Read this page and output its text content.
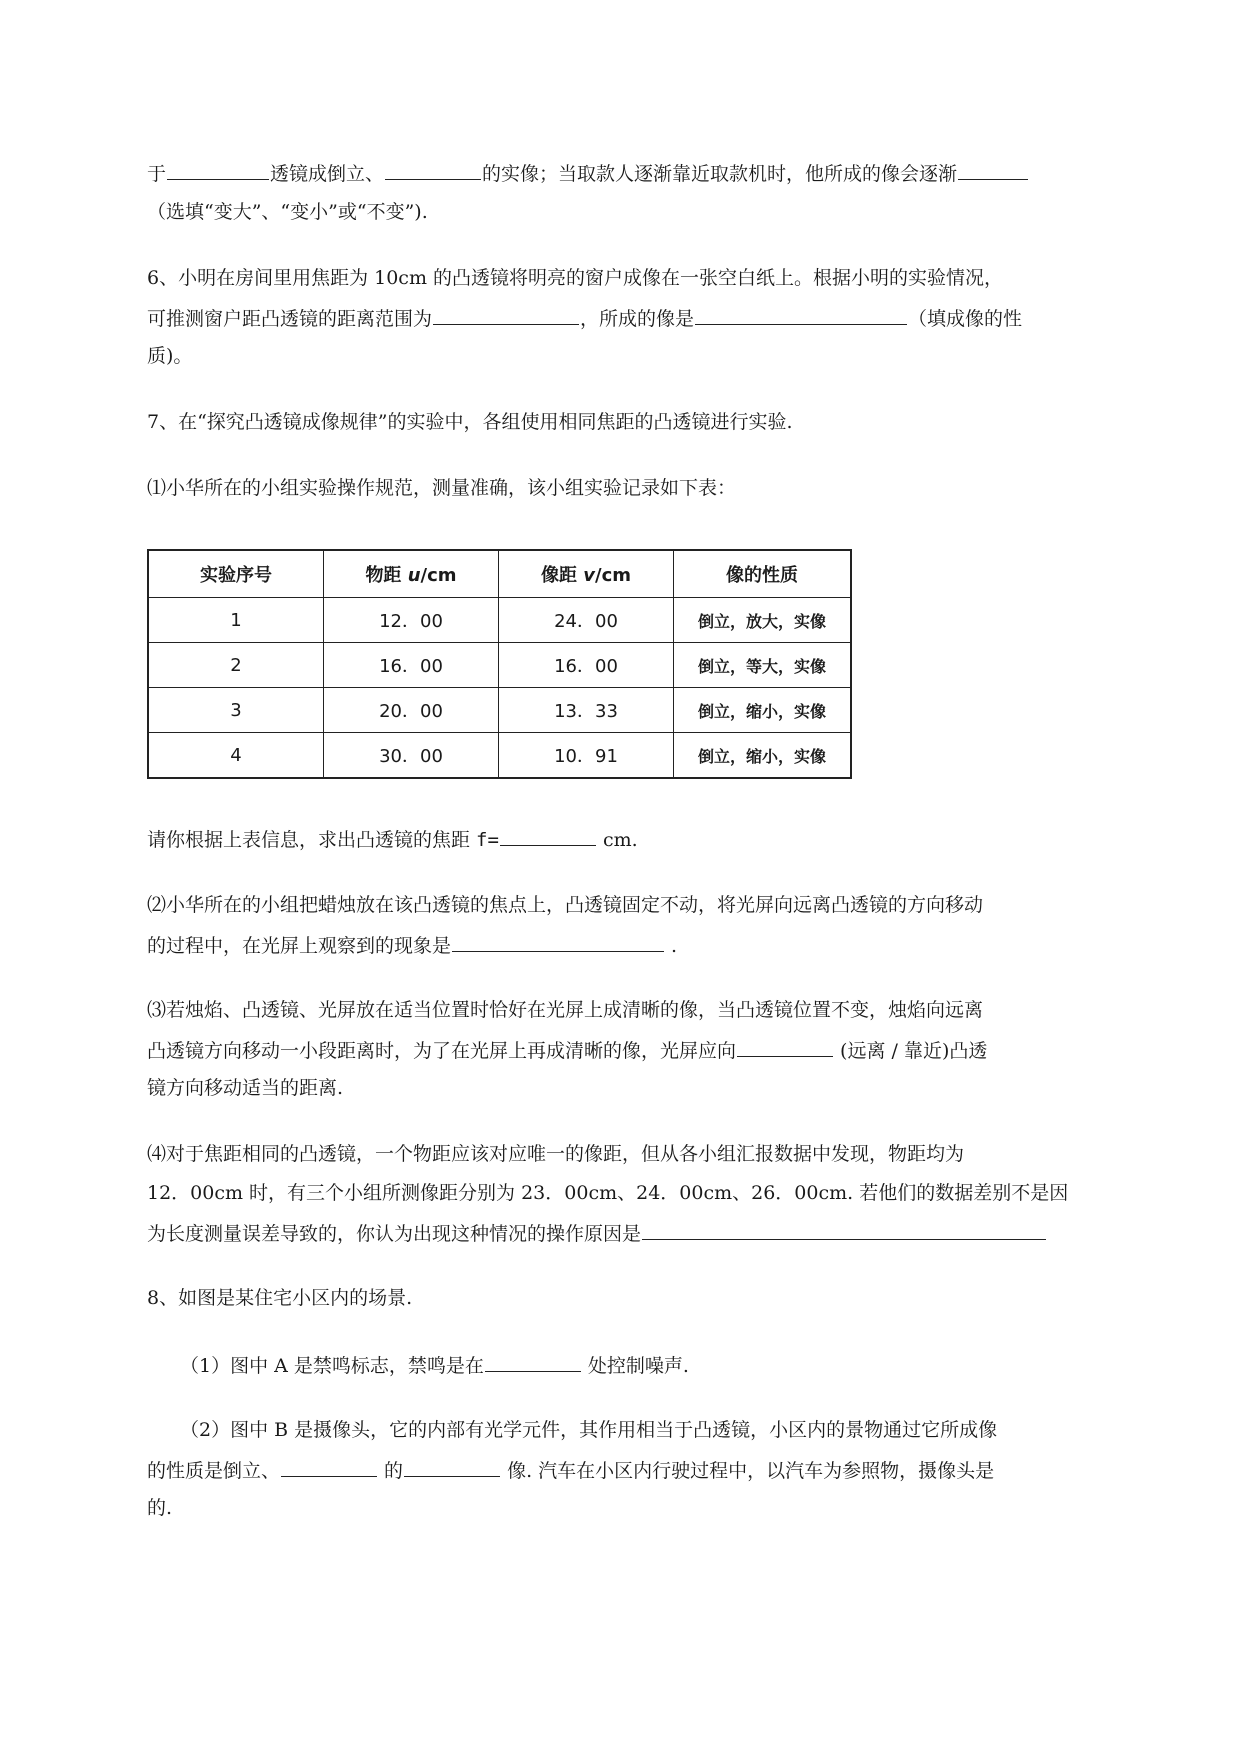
于	透镜成倒立、	的实像；当取款人逐渐靠近取款机时，他所成的像会逐渐
（选填“变大”、“变小”或“不变”).
6、小明在房间里用焦距为 10cm 的凸透镜将明亮的窗户成像在一张空白纸上。根据小明的实验情况，
可推测窗户距凸透镜的距离范围为	，所成的像是	（填成像的性
质)。
7、在“探究凸透镜成像规律”的实验中，各组使用相同焦距的凸透镜进行实验.
⑴小华所在的小组实验操作规范，测量准确，该小组实验记录如下表：
实验序号	物距 u/cm	像距 v/cm	像的性质
1	12．00	24．00	倒立，放大，实像
2	16．00	16．00	倒立，等大，实像
3	20．00	13．33	倒立，缩小，实像
4	30．00	10．91	倒立，缩小，实像
请你根据上表信息，求出凸透镜的焦距 f=	cm.
⑵小华所在的小组把蜡烛放在该凸透镜的焦点上，凸透镜固定不动，将光屏向远离凸透镜的方向移动
的过程中，在光屏上观察到的现象是	.
⑶若烛焰、凸透镜、光屏放在适当位置时恰好在光屏上成清晰的像，当凸透镜位置不变，烛焰向远离
凸透镜方向移动一小段距离时，为了在光屏上再成清晰的像，光屏应向	(远离 / 靠近)凸透
镜方向移动适当的距离.
⑷对于焦距相同的凸透镜，一个物距应该对应唯一的像距，但从各小组汇报数据中发现，物距均为
12．00cm 时，有三个小组所测像距分别为 23．00cm、24．00cm、26．00cm. 若他们的数据差别不是因
为长度测量误差导致的，你认为出现这种情况的操作原因是
8、如图是某住宅小区内的场景.
（1）图中 A 是禁鸣标志，禁鸣是在	处控制噪声.
（2）图中 B 是摄像头，它的内部有光学元件，其作用相当于凸透镜，小区内的景物通过它所成像
的性质是倒立、	的	像. 汽车在小区内行驶过程中，以汽车为参照物，摄像头是
的.
